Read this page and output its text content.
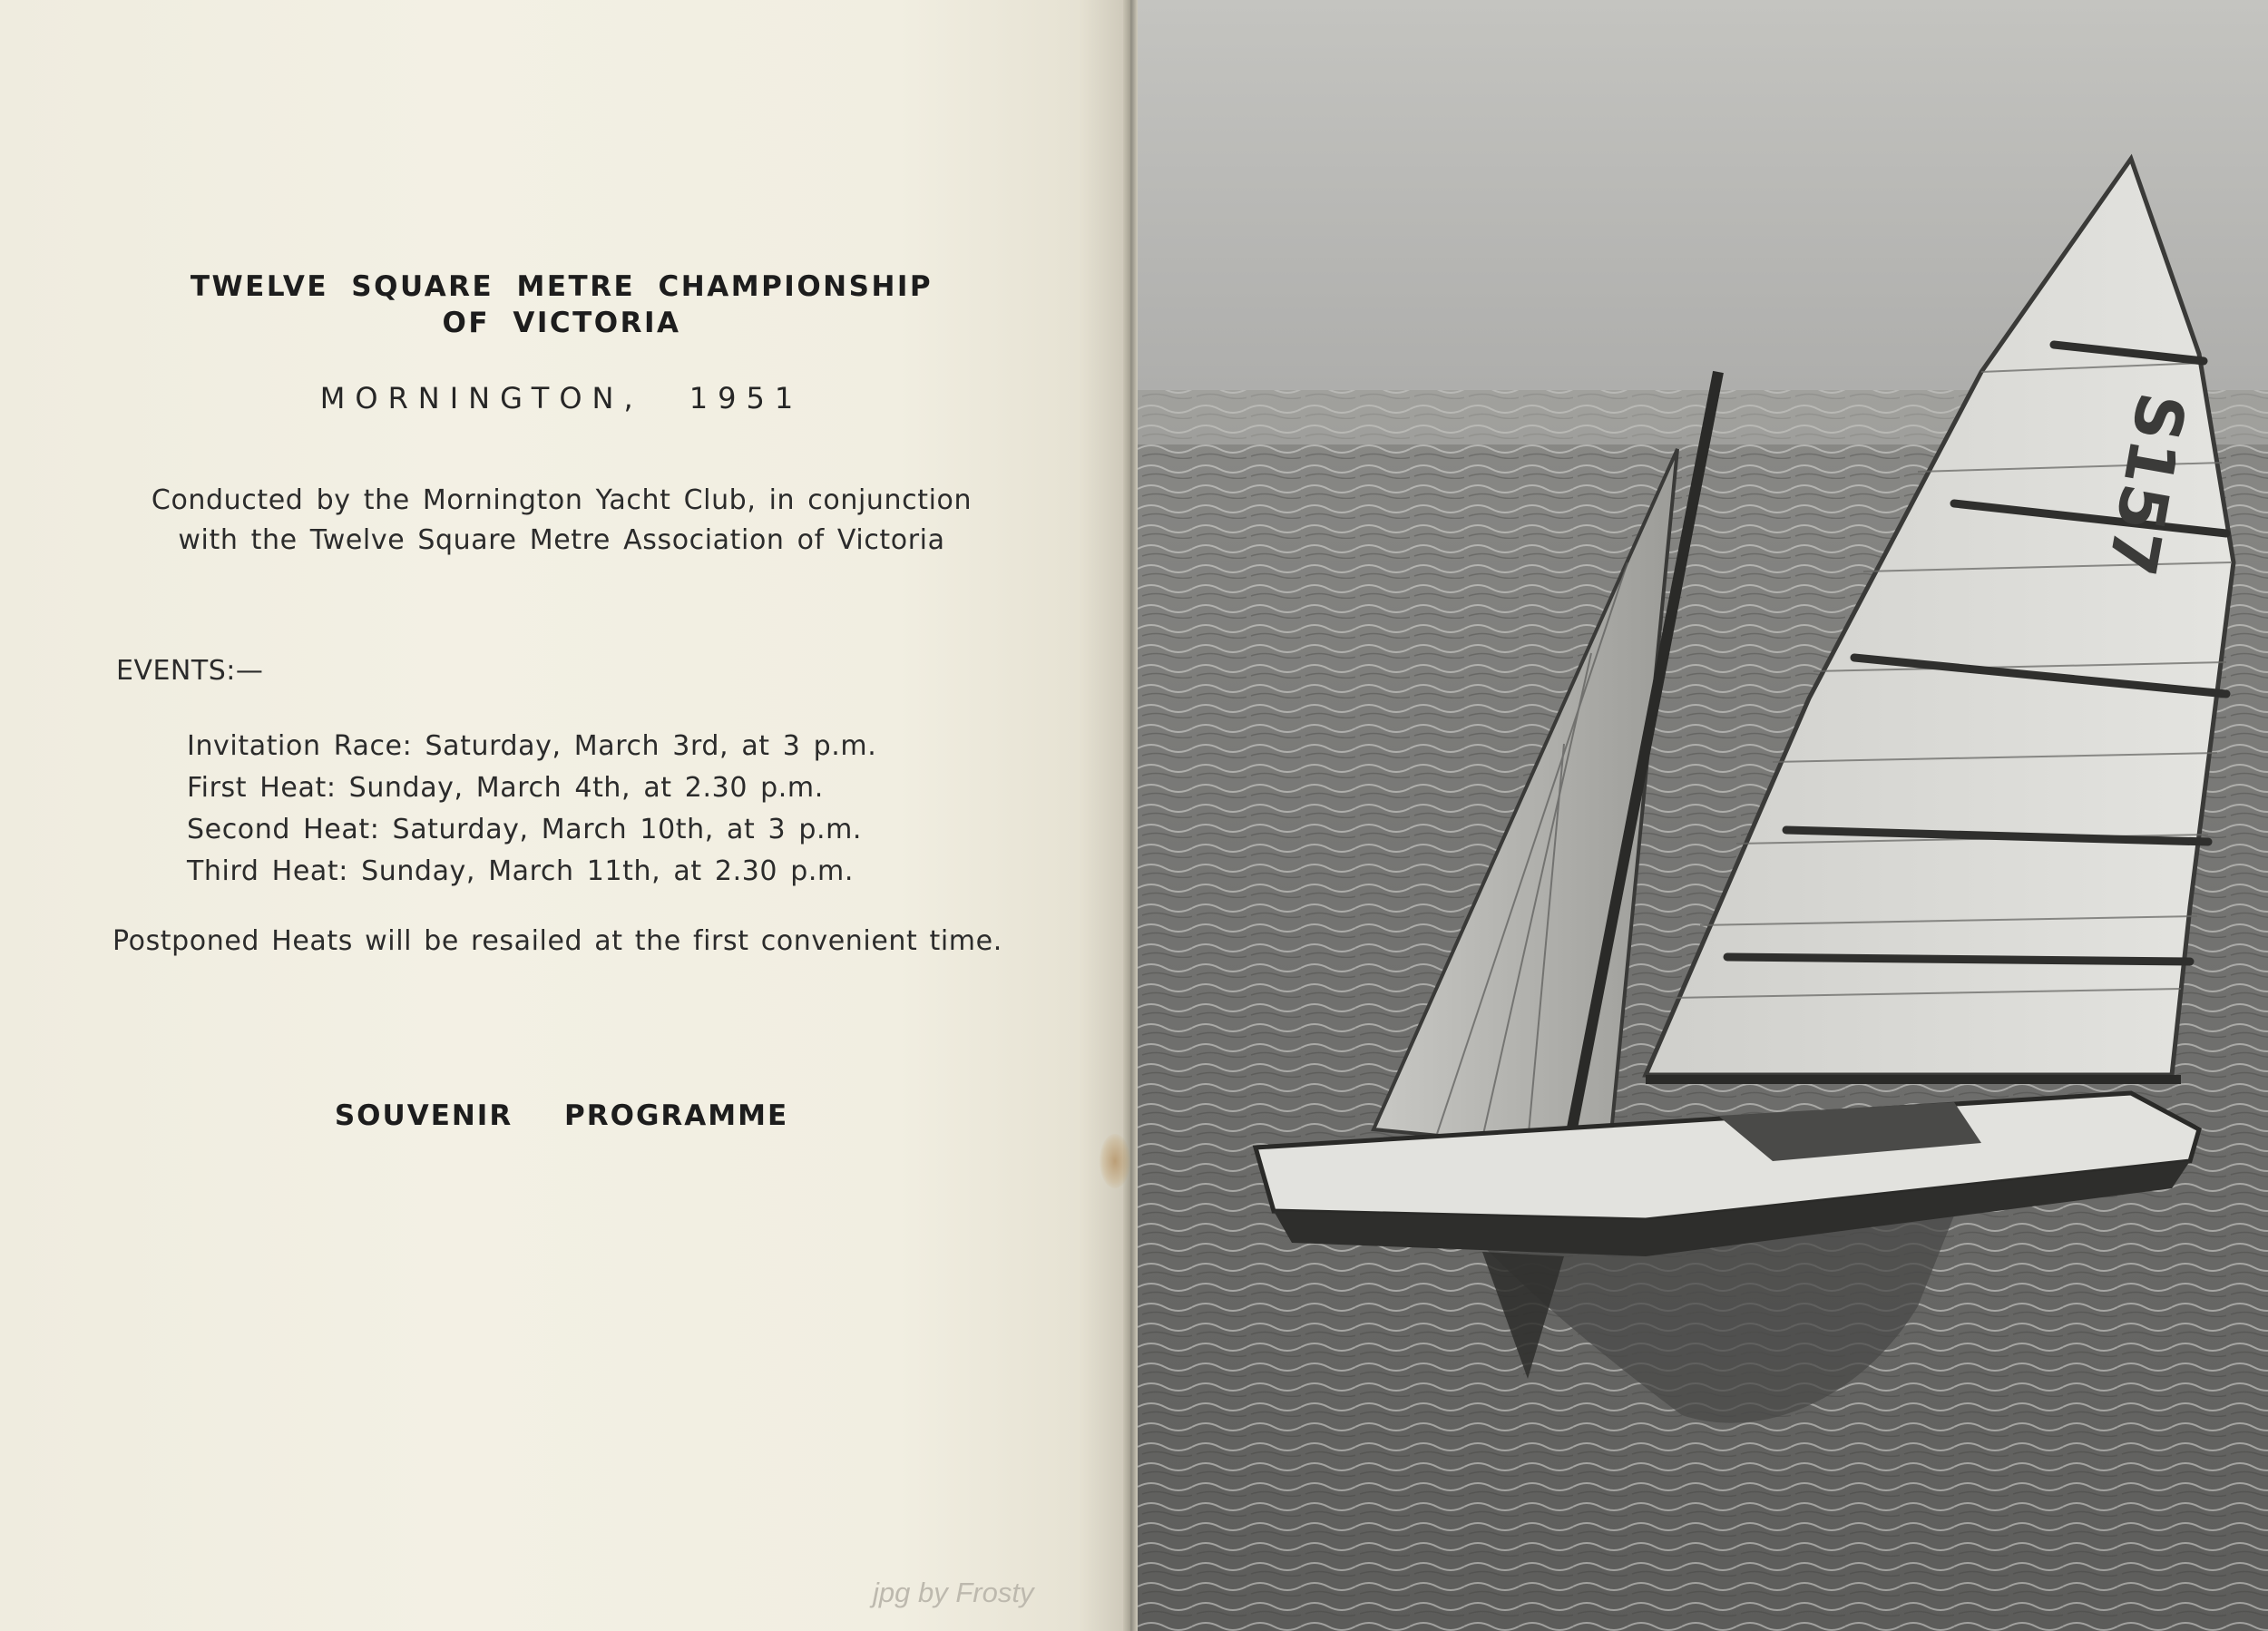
TWELVE SQUARE METRE CHAMPIONSHIP
OF VICTORIA
MORNINGTON, 1951
Conducted by the Mornington Yacht Club, in conjunction
with the Twelve Square Metre Association of Victoria
EVENTS:—
Invitation Race: Saturday, March 3rd, at 3 p.m.
First Heat: Sunday, March 4th, at 2.30 p.m.
Second Heat: Saturday, March 10th, at 3 p.m.
Third Heat: Sunday, March 11th, at 2.30 p.m.
Postponed Heats will be resailed at the first convenient time.
SOUVENIR PROGRAMME
jpg by Frosty
S157
